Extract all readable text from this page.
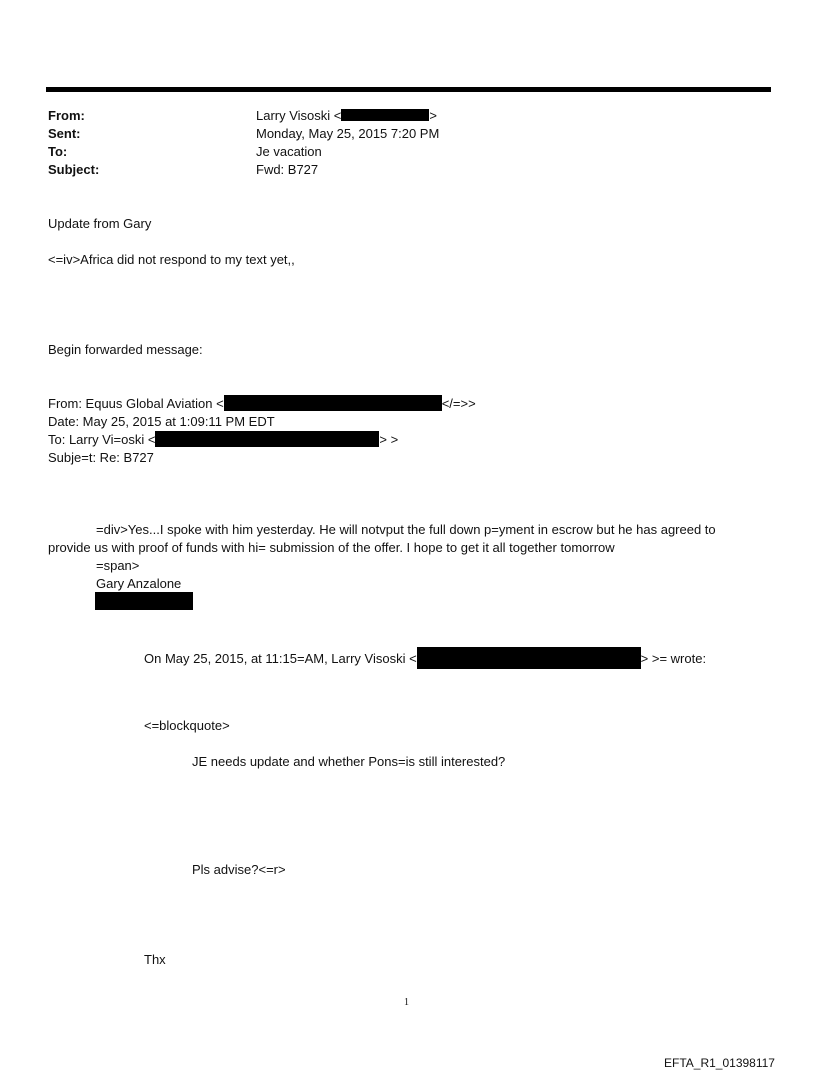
From:	Larry Visoski <	>
Sent:	Monday, May 25, 2015 7:20 PM
To:	Je vacation
Subject:	Fwd: B727
Update from Gary
<=iv>Africa did not respond to my text yet,,
Begin forwarded message:
From: Equus Global Aviation <	</=>>
Date: May 25, 2015 at 1:09:11 PM EDT
To: Larry Vi=oski <	> >
Subje=t: Re: B727
=div>Yes...I spoke with him yesterday. He will notvput the full down p=yment in escrow but he has agreed to
provide us with proof of funds with hi= submission of the offer. I hope to get it all together tomorrow
=span>
Gary Anzalone
On May 25, 2015, at 11:15=AM, Larry Visoski <	> >= wrote:
<=blockquote>
JE needs update and whether Pons=is still interested?
Pls advise?<=r>
Thx
1
EFTA_R1_01398117
